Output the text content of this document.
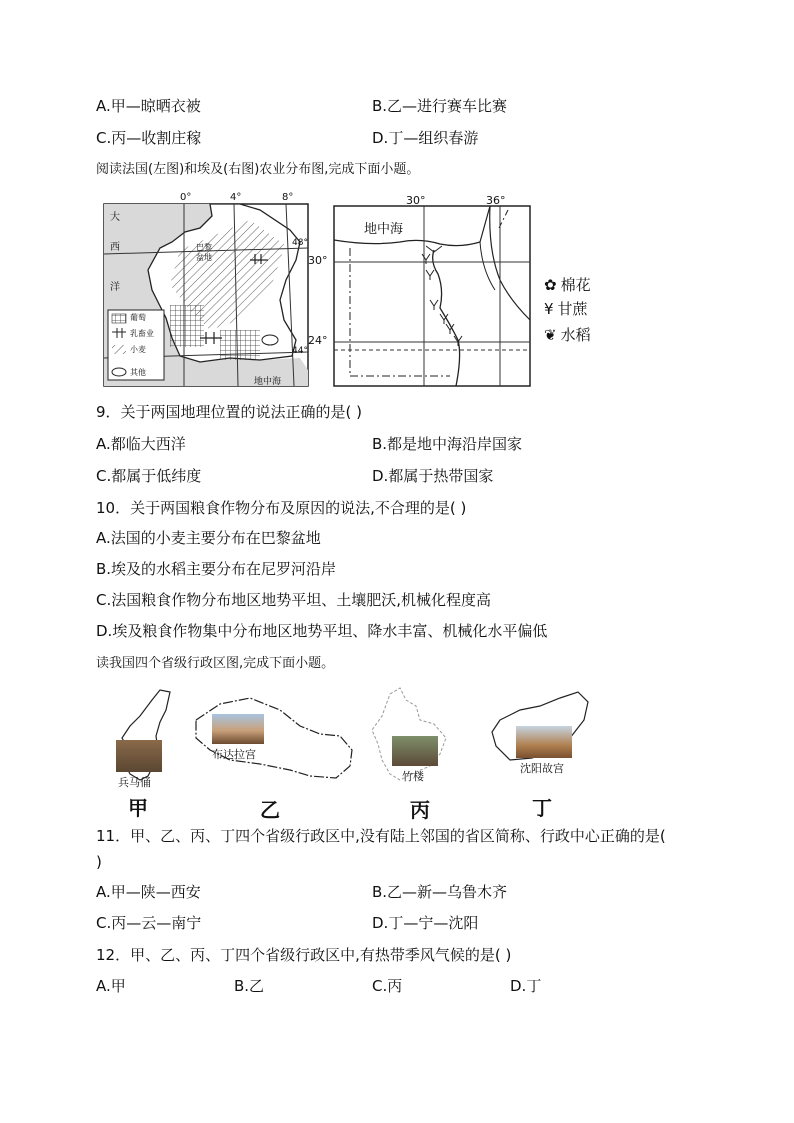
A.甲—晾晒衣被	B.乙—进行赛车比赛
C.丙—收割庄稼	D.丁—组织春游
阅读法国(左图)和埃及(右图)农业分布图,完成下面小题。
0°	4°	8°
48°
44°
大
西
洋
巴黎
盆地
地中海
葡萄
乳畜业
小麦
其他
30°	36°
30°
24°
地中海
✿ 棉花
¥ 甘蔗
❦ 水稻
9．关于两国地理位置的说法正确的是( )
A.都临大西洋	B.都是地中海沿岸国家
C.都属于低纬度	D.都属于热带国家
10．关于两国粮食作物分布及原因的说法,不合理的是( )
A.法国的小麦主要分布在巴黎盆地
B.埃及的水稻主要分布在尼罗河沿岸
C.法国粮食作物分布地区地势平坦、土壤肥沃,机械化程度高
D.埃及粮食作物集中分布地区地势平坦、降水丰富、机械化水平偏低
读我国四个省级行政区图,完成下面小题。
兵马俑
布达拉宫
竹楼
沈阳故宫
甲	乙	丙	丁
11．甲、乙、丙、丁四个省级行政区中,没有陆上邻国的省区简称、行政中心正确的是(
)
A.甲—陕—西安	B.乙—新—乌鲁木齐
C.丙—云—南宁	D.丁—宁—沈阳
12．甲、乙、丙、丁四个省级行政区中,有热带季风气候的是( )
A.甲	B.乙	C.丙	D.丁
